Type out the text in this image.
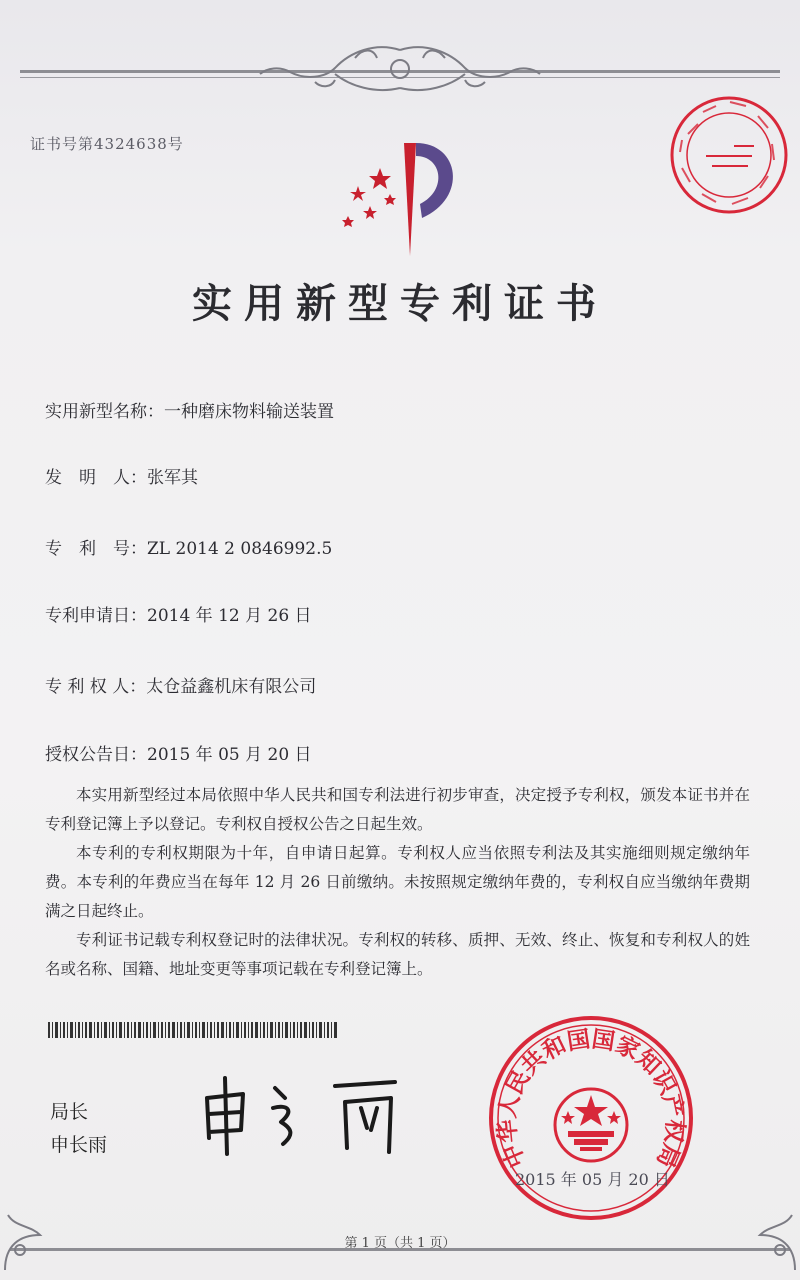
证书号第4324638号
实用新型专利证书
实用新型名称：一种磨床物料输送装置
发　明　人：张军其
专　利　号：ZL 2014 2 0846992.5
专利申请日：2014 年 12 月 26 日
专 利 权 人：太仓益鑫机床有限公司
授权公告日：2015 年 05 月 20 日

本实用新型经过本局依照中华人民共和国专利法进行初步审查，决定授予专利权，颁发本证书并在专利登记簿上予以登记。专利权自授权公告之日起生效。

本专利的专利权期限为十年，自申请日起算。专利权人应当依照专利法及其实施细则规定缴纳年费。本专利的年费应当在每年 12 月 26 日前缴纳。未按照规定缴纳年费的，专利权自应当缴纳年费期满之日起终止。

专利证书记载专利权登记时的法律状况。专利权的转移、质押、无效、终止、恢复和专利权人的姓名或名称、国籍、地址变更等事项记载在专利登记簿上。

局长
申长雨	中华人民共和国国家知识产权局
2015 年 05 月 20 日
第 1 页（共 1 页）
